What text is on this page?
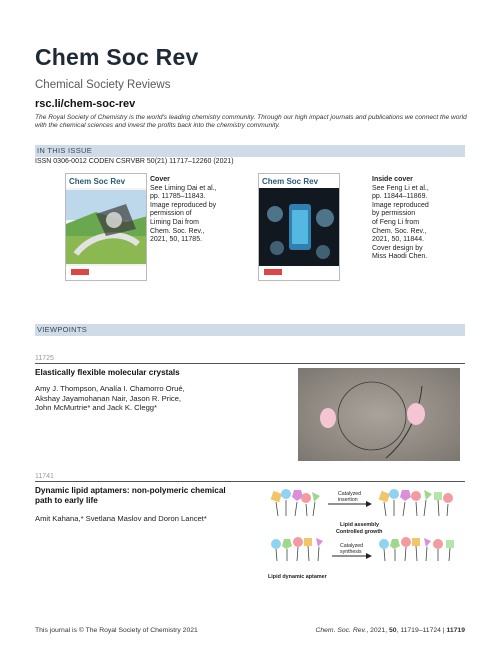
Chem Soc Rev
Chemical Society Reviews
rsc.li/chem-soc-rev
The Royal Society of Chemistry is the world's leading chemistry community. Through our high impact journals and publications we connect the world with the chemical sciences and invest the profits back into the chemistry community.
IN THIS ISSUE
ISSN 0306-0012 CODEN CSRVBR 50(21) 11717–12260 (2021)
Chem Soc Rev	Cover
See Liming Dai et al.,
pp. 11785–11843.
Image reproduced by
permission of
Liming Dai from
Chem. Soc. Rev.,
2021, 50, 11785.
Chem Soc Rev	Inside cover
See Feng Li et al.,
pp. 11844–11869.
Image reproduced
by permission
of Feng Li from
Chem. Soc. Rev.,
2021, 50, 11844.
Cover design by
Miss Haodi Chen.
VIEWPOINTS
11725
Elastically flexible molecular crystals
Amy J. Thompson, Analía I. Chamorro Orué,
Akshay Jayamohanan Nair, Jason R. Price,
John McMurtrie* and Jack K. Clegg*
11741
Dynamic lipid aptamers: non-polymeric chemical
path to early life
Amit Kahana,* Svetlana Maslov and Doron Lancet*
Catalyzed
insertion
Lipid assembly
Controlled growth
Catalyzed
synthesis
Lipid dynamic aptamer
This journal is © The Royal Society of Chemistry 2021	Chem. Soc. Rev., 2021, 50, 11719–11724 | 11719
